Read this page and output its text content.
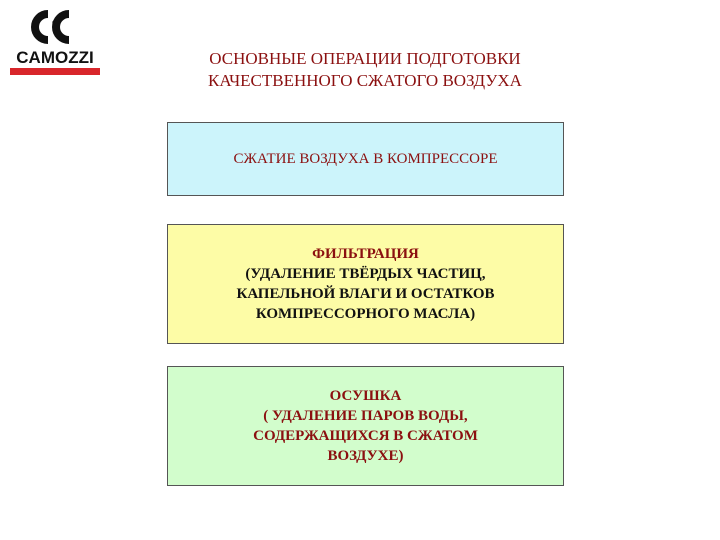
CAMOZZI	ОСНОВНЫЕ ОПЕРАЦИИ ПОДГОТОВКИ
КАЧЕСТВЕННОГО СЖАТОГО ВОЗДУХА
СЖАТИЕ ВОЗДУХА В КОМПРЕССОРЕ
ФИЛЬТРАЦИЯ
(УДАЛЕНИЕ ТВЁРДЫХ ЧАСТИЦ,
КАПЕЛЬНОЙ ВЛАГИ И ОСТАТКОВ
КОМПРЕССОРНОГО МАСЛА)
ОСУШКА
( УДАЛЕНИЕ ПАРОВ ВОДЫ,
СОДЕРЖАЩИХСЯ В СЖАТОМ
ВОЗДУХЕ)
